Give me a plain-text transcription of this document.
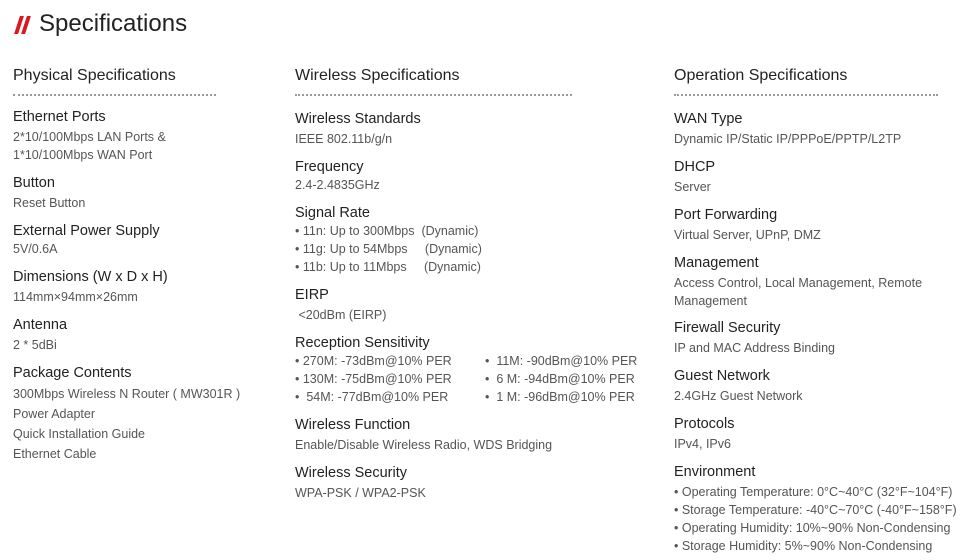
Specifications
Physical Specifications
Ethernet Ports
2*10/100Mbps LAN Ports &
1*10/100Mbps WAN Port
Button
Reset Button
External Power Supply
5V/0.6A
Dimensions (W x D x H)
114mm×94mm×26mm
Antenna
2 * 5dBi
Package Contents
300Mbps Wireless N Router ( MW301R )
Power Adapter
Quick Installation Guide
Ethernet Cable
Wireless Specifications
Wireless Standards
IEEE 802.11b/g/n
Frequency
2.4-2.4835GHz
Signal Rate
• 11n: Up to 300Mbps  (Dynamic)
• 11g: Up to 54Mbps     (Dynamic)
• 11b: Up to 11Mbps     (Dynamic)
EIRP
<20dBm (EIRP)
Reception Sensitivity
• 270M: -73dBm@10% PER
• 130M: -75dBm@10% PER
•  54M: -77dBm@10% PER
•  11M: -90dBm@10% PER
•  6 M: -94dBm@10% PER
•  1 M: -96dBm@10% PER
Wireless Function
Enable/Disable Wireless Radio, WDS Bridging
Wireless Security
WPA-PSK / WPA2-PSK
Operation Specifications
WAN Type
Dynamic IP/Static IP/PPPoE/PPTP/L2TP
DHCP
Server
Port Forwarding
Virtual Server, UPnP, DMZ
Management
Access Control, Local Management, Remote
Management
Firewall Security
IP and MAC Address Binding
Guest Network
2.4GHz Guest Network
Protocols
IPv4, IPv6
Environment
• Operating Temperature: 0°C~40°C (32°F~104°F)
• Storage Temperature: -40°C~70°C (-40°F~158°F)
• Operating Humidity: 10%~90% Non-Condensing
• Storage Humidity: 5%~90% Non-Condensing
